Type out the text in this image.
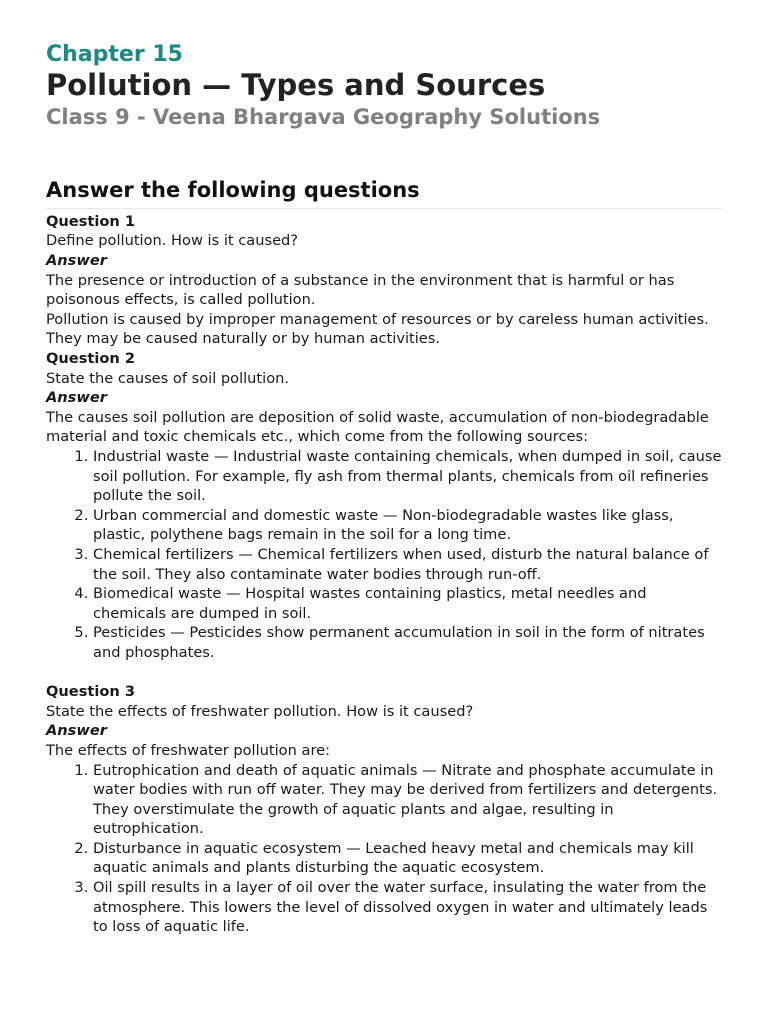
Chapter 15

Pollution — Types and Sources

Class 9 - Veena Bhargava Geography Solutions

Answer the following questions

Question 1

Define pollution. How is it caused?

Answer

The presence or introduction of a substance in the environment that is harmful or has poisonous effects, is called pollution.

Pollution is caused by improper management of resources or by careless human activities. They may be caused naturally or by human activities.

Question 2

State the causes of soil pollution.

Answer

The causes soil pollution are deposition of solid waste, accumulation of non-biodegradable material and toxic chemicals etc., which come from the following sources:

1. Industrial waste — Industrial waste containing chemicals, when dumped in soil, cause soil pollution. For example, fly ash from thermal plants, chemicals from oil refineries pollute the soil.
2. Urban commercial and domestic waste — Non-biodegradable wastes like glass, plastic, polythene bags remain in the soil for a long time.
3. Chemical fertilizers — Chemical fertilizers when used, disturb the natural balance of the soil. They also contaminate water bodies through run-off.
4. Biomedical waste — Hospital wastes containing plastics, metal needles and chemicals are dumped in soil.
5. Pesticides — Pesticides show permanent accumulation in soil in the form of nitrates and phosphates.

Question 3

State the effects of freshwater pollution. How is it caused?

Answer

The effects of freshwater pollution are:

1. Eutrophication and death of aquatic animals — Nitrate and phosphate accumulate in water bodies with run off water. They may be derived from fertilizers and detergents. They overstimulate the growth of aquatic plants and algae, resulting in eutrophication.
2. Disturbance in aquatic ecosystem — Leached heavy metal and chemicals may kill aquatic animals and plants disturbing the aquatic ecosystem.
3. Oil spill results in a layer of oil over the water surface, insulating the water from the atmosphere. This lowers the level of dissolved oxygen in water and ultimately leads to loss of aquatic life.
